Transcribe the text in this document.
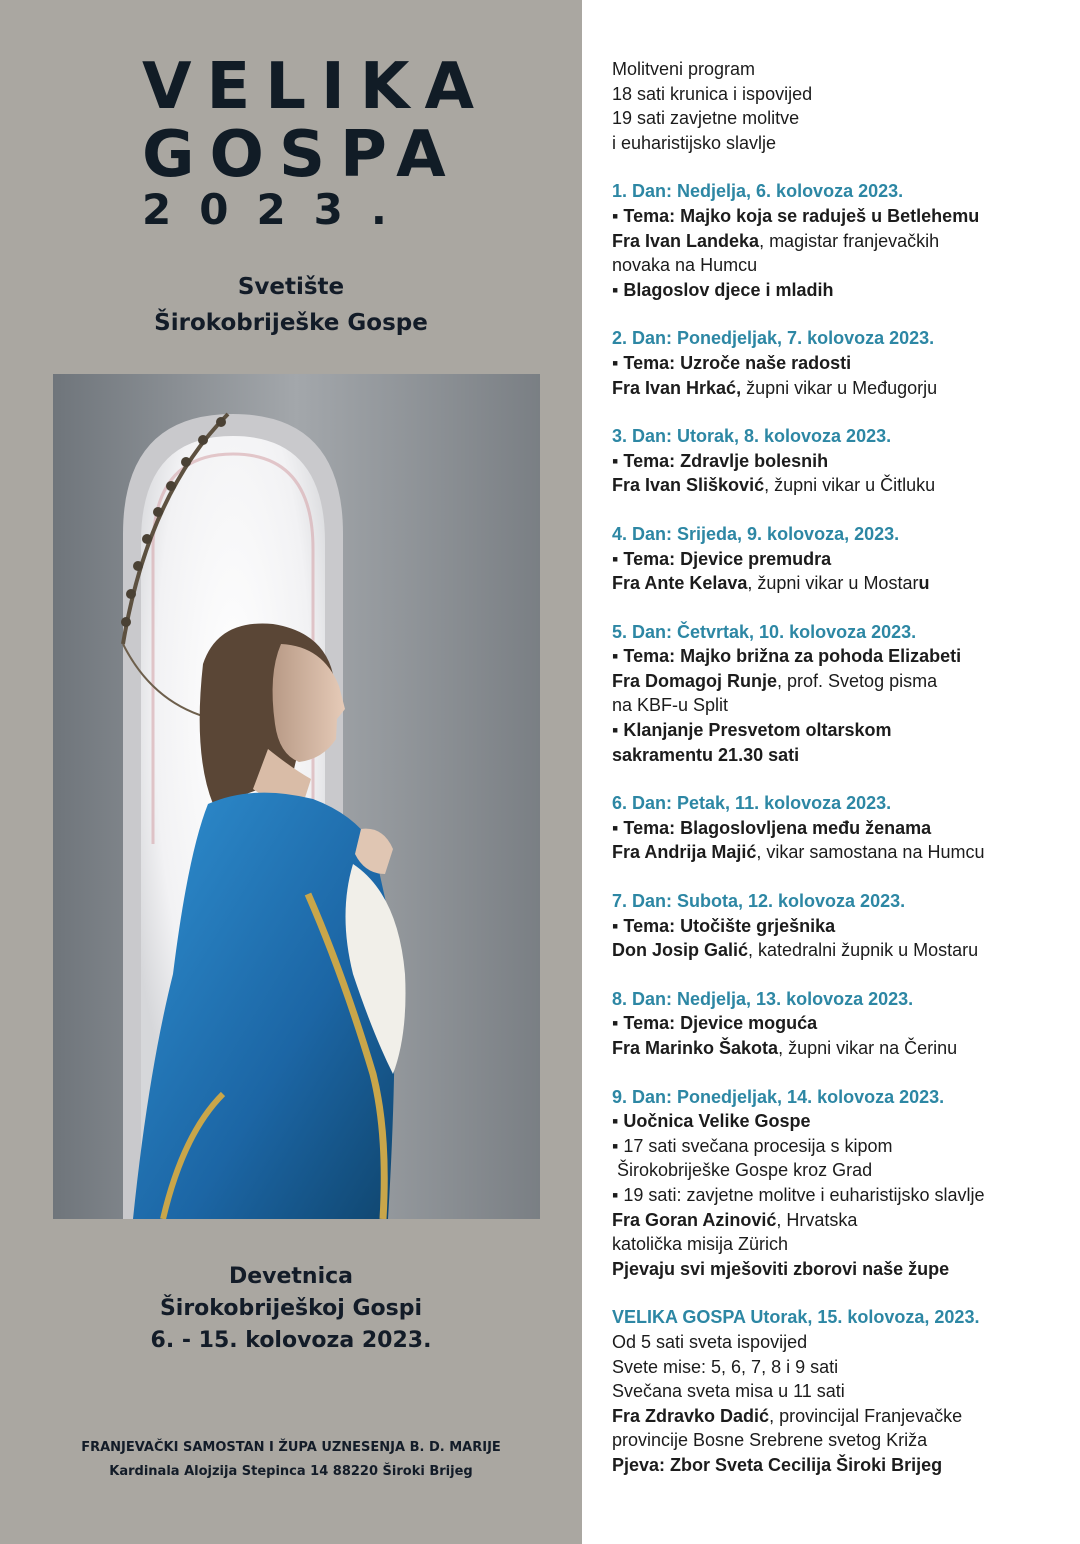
VELIKA

GOSPA

2023.

Svetište

Širokobriješke Gospe

Devetnica

Širokobriješkoj Gospi

6. - 15. kolovoza 2023.

FRANJEVAČKI SAMOSTAN I ŽUPA UZNESENJA B. D. MARIJE

Kardinala Alojzija Stepinca 14 88220 Široki Brijeg

Molitveni program

18 sati krunica i ispovijed

19 sati zavjetne molitve

i euharistijsko slavlje

1. Dan: Nedjelja, 6. kolovoza 2023.

▪ Tema: Majko koja se raduješ u Betlehemu

Fra Ivan Landeka, magistar franjevačkih

novaka na Humcu

▪ Blagoslov djece i mladih

2. Dan: Ponedjeljak, 7. kolovoza 2023.

▪ Tema: Uzroče naše radosti

Fra Ivan Hrkać, župni vikar u Međugorju

3. Dan: Utorak, 8. kolovoza 2023.

▪ Tema: Zdravlje bolesnih

Fra Ivan Slišković, župni vikar u Čitluku

4. Dan: Srijeda, 9. kolovoza, 2023.

▪ Tema: Djevice premudra

Fra Ante Kelava, župni vikar u Mostaru

5. Dan: Četvrtak, 10. kolovoza 2023.

▪ Tema: Majko brižna za pohoda Elizabeti

Fra Domagoj Runje, prof. Svetog pisma

na KBF-u Split

▪ Klanjanje Presvetom oltarskom

sakramentu 21.30 sati

6. Dan: Petak, 11. kolovoza 2023.

▪ Tema: Blagoslovljena među ženama

Fra Andrija Majić, vikar samostana na Humcu

7. Dan: Subota, 12. kolovoza 2023.

▪ Tema: Utočište grješnika

Don Josip Galić, katedralni župnik u Mostaru

8. Dan: Nedjelja, 13. kolovoza 2023.

▪ Tema: Djevice moguća

Fra Marinko Šakota, župni vikar na Čerinu

9. Dan: Ponedjeljak, 14. kolovoza 2023.

▪ Uočnica Velike Gospe

▪ 17 sati svečana procesija s kipom

Širokobriješke Gospe kroz Grad

▪ 19 sati: zavjetne molitve i euharistijsko slavlje

Fra Goran Azinović, Hrvatska

katolička misija Zürich

Pjevaju svi mješoviti zborovi naše župe

VELIKA GOSPA Utorak, 15. kolovoza, 2023.

Od 5 sati sveta ispovijed

Svete mise: 5, 6, 7, 8 i 9 sati

Svečana sveta misa u 11 sati

Fra Zdravko Dadić, provincijal Franjevačke

provincije Bosne Srebrene svetog Križa

Pjeva: Zbor Sveta Cecilija Široki Brijeg
